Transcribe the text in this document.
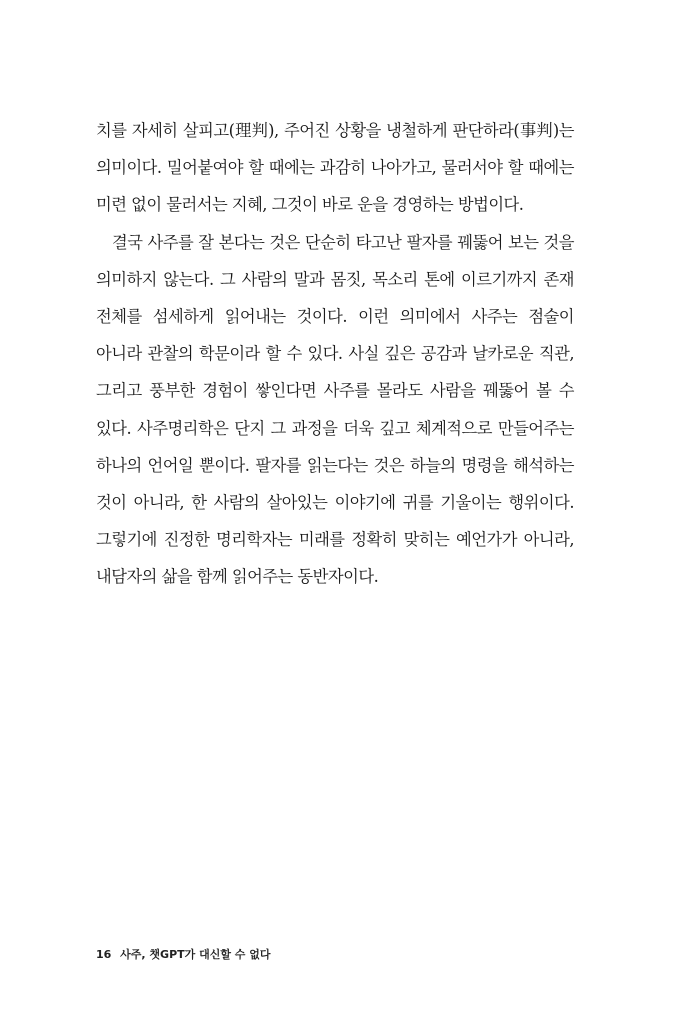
치를 자세히 살피고(理判), 주어진 상황을 냉철하게 판단하라(事判)는 의미이다. 밀어붙여야 할 때에는 과감히 나아가고, 물러서야 할 때에는 미련 없이 물러서는 지혜, 그것이 바로 운을 경영하는 방법이다.

결국 사주를 잘 본다는 것은 단순히 타고난 팔자를 꿰뚫어 보는 것을 의미하지 않는다. 그 사람의 말과 몸짓, 목소리 톤에 이르기까지 존재 전체를 섬세하게 읽어내는 것이다. 이런 의미에서 사주는 점술이 아니라 관찰의 학문이라 할 수 있다. 사실 깊은 공감과 날카로운 직관, 그리고 풍부한 경험이 쌓인다면 사주를 몰라도 사람을 꿰뚫어 볼 수 있다. 사주명리학은 단지 그 과정을 더욱 깊고 체계적으로 만들어주는 하나의 언어일 뿐이다. 팔자를 읽는다는 것은 하늘의 명령을 해석하는 것이 아니라, 한 사람의 살아있는 이야기에 귀를 기울이는 행위이다. 그렇기에 진정한 명리학자는 미래를 정확히 맞히는 예언가가 아니라, 내담자의 삶을 함께 읽어주는 동반자이다.

16 사주, 챗GPT가 대신할 수 없다
